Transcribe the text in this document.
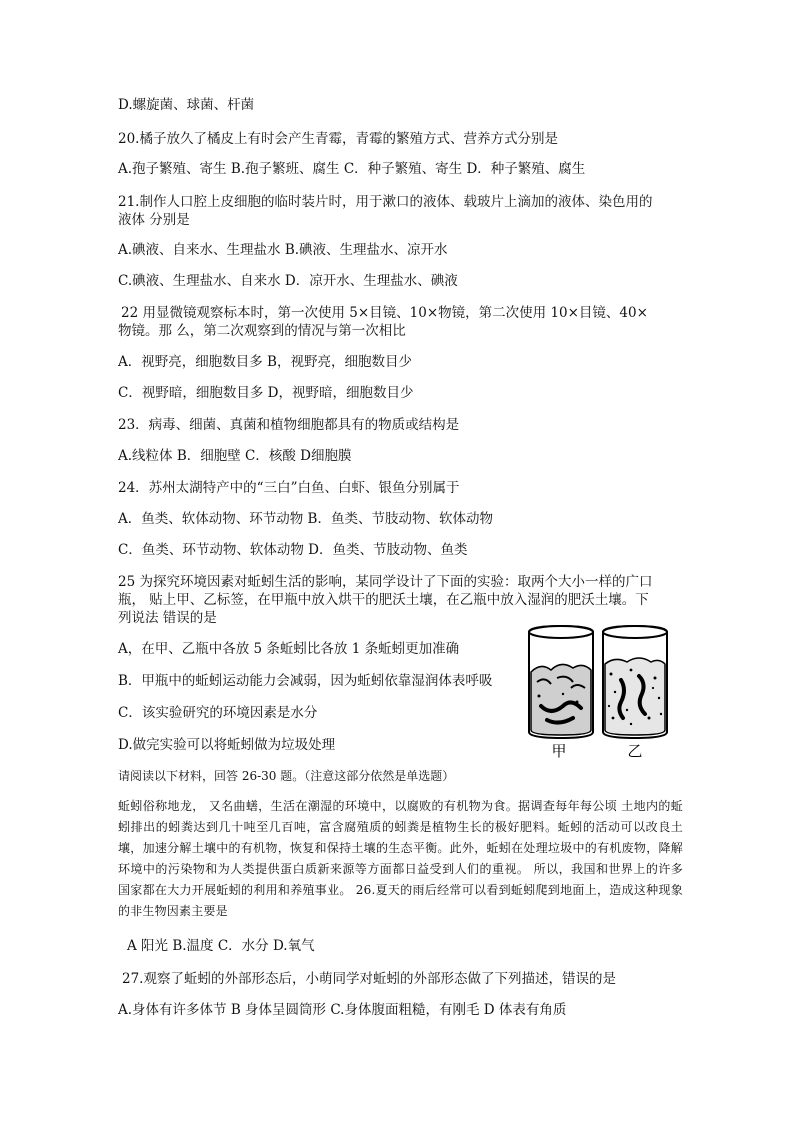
D.螺旋菌、球菌、杆菌
20.橘子放久了橘皮上有时会产生青霉，青霉的繁殖方式、营养方式分别是
A.孢子繁殖、寄生 B.孢子繁班、腐生 C．种子繁殖、寄生 D．种子繁殖、腐生
21.制作人口腔上皮细胞的临时装片时，用于漱口的液体、载玻片上滴加的液体、染色用的
液体 分别是
A.碘液、自来水、生理盐水 B.碘液、生理盐水、凉开水
C.碘液、生理盐水、自来水 D．凉开水、生理盐水、碘液
22 用显微镜观察标本时，第一次使用 5×目镜、10×物镜，第二次使用 10×目镜、40×
物镜。那 么，第二次观察到的情况与第一次相比
A．视野亮，细胞数目多 B，视野亮，细胞数目少
C．视野暗，细胞数目多 D，视野暗，细胞数目少
23．病毒、细菌、真菌和植物细胞都具有的物质或结构是
A.线粒体 B．细胞壁 C．核酸 D细胞膜
24．苏州太湖特产中的“三白”白鱼、白虾、银鱼分别属于
A．鱼类、软体动物、环节动物 B．鱼类、节肢动物、软体动物
C．鱼类、环节动物、软体动物 D．鱼类、节肢动物、鱼类
25 为探究环境因素对蚯蚓生活的影响，某同学设计了下面的实验：取两个大小一样的广口
瓶， 贴上甲、乙标签，在甲瓶中放入烘干的肥沃土壤，在乙瓶中放入湿润的肥沃土壤。下
列说法 错误的是
A，在甲、乙瓶中各放 5 条蚯蚓比各放 1 条蚯蚓更加准确
B．甲瓶中的蚯蚓运动能力会减弱，因为蚯蚓依靠湿润体表呼吸
C．该实验研究的环境因素是水分
D.做完实验可以将蚯蚓做为垃圾处理	甲	乙
请阅读以下材料，回答 26-30 题。（注意这部分依然是单选题）
蚯蚓俗称地龙， 又名曲蟮，生活在潮湿的环境中，以腐败的有机物为食。据调查每年每公顷 土地内的蚯蚓排出的蚓粪达到几十吨至几百吨，富含腐殖质的蚓粪是植物生长的极好肥料。蚯蚓的活动可以改良土壤，加速分解土壤中的有机物，恢复和保持土壤的生态平衡。此外，蚯蚓在处理垃圾中的有机废物，降解环境中的污染物和为人类提供蛋白质新来源等方面都日益受到人们的重视。 所以，我国和世界上的许多国家都在大力开展蚯蚓的利用和养殖事业。 26.夏天的雨后经常可以看到蚯蚓爬到地面上，造成这种现象的非生物因素主要是
A 阳光 B.温度 C．水分 D.氧气
27.观察了蚯蚓的外部形态后，小萌同学对蚯蚓的外部形态做了下列描述，错误的是
A.身体有许多体节 B 身体呈圆筒形 C.身体腹面粗糙，有刚毛 D 体表有角质
